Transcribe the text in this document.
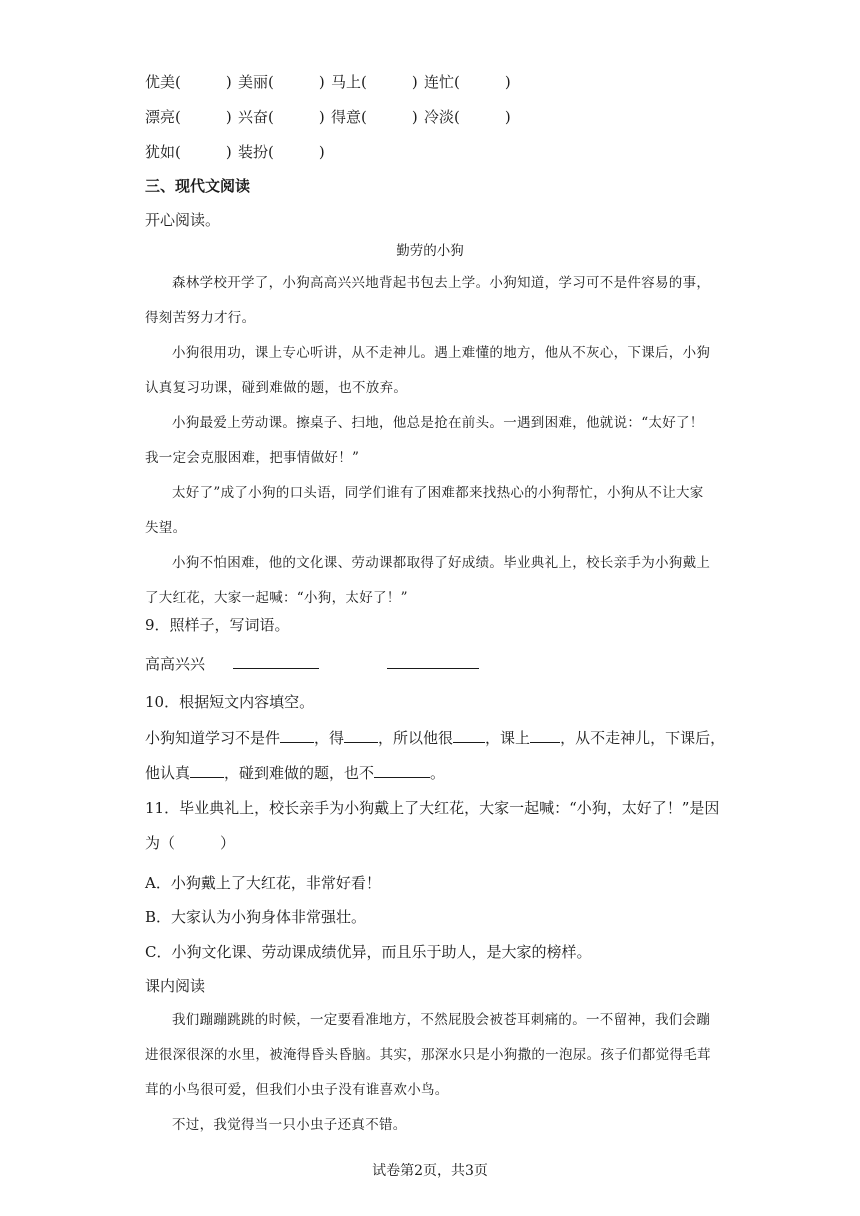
优美(　　　) 美丽(　　　) 马上(　　　) 连忙(　　　)
漂亮(　　　) 兴奋(　　　) 得意(　　　) 冷淡(　　　)
犹如(　　　) 装扮(　　　)
三、现代文阅读
开心阅读。
勤劳的小狗
森林学校开学了，小狗高高兴兴地背起书包去上学。小狗知道，学习可不是件容易的事，得刻苦努力才行。
小狗很用功，课上专心听讲，从不走神儿。遇上难懂的地方，他从不灰心，下课后，小狗认真复习功课，碰到难做的题，也不放弃。
小狗最爱上劳动课。擦桌子、扫地，他总是抢在前头。一遇到困难，他就说：“太好了！我一定会克服困难，把事情做好！”
太好了”成了小狗的口头语，同学们谁有了困难都来找热心的小狗帮忙，小狗从不让大家失望。
小狗不怕困难，他的文化课、劳动课都取得了好成绩。毕业典礼上，校长亲手为小狗戴上了大红花，大家一起喊：“小狗，太好了！”
9．照样子，写词语。
高高兴兴
10．根据短文内容填空。
小狗知道学习不是件 ，得 ，所以他很 ，课上 ，从不走神儿，下课后，
他认真 ，碰到难做的题，也不	。
11．毕业典礼上，校长亲手为小狗戴上了大红花，大家一起喊：“小狗，太好了！”是因
为（　　　）
A．小狗戴上了大红花，非常好看！
B．大家认为小狗身体非常强壮。
C．小狗文化课、劳动课成绩优异，而且乐于助人，是大家的榜样。
课内阅读
我们蹦蹦跳跳的时候，一定要看准地方，不然屁股会被苍耳刺痛的。一不留神，我们会蹦进很深很深的水里，被淹得昏头昏脑。其实，那深水只是小狗撒的一泡尿。孩子们都觉得毛茸茸的小鸟很可爱，但我们小虫子没有谁喜欢小鸟。
不过，我觉得当一只小虫子还真不错。
试卷第2页，共3页
